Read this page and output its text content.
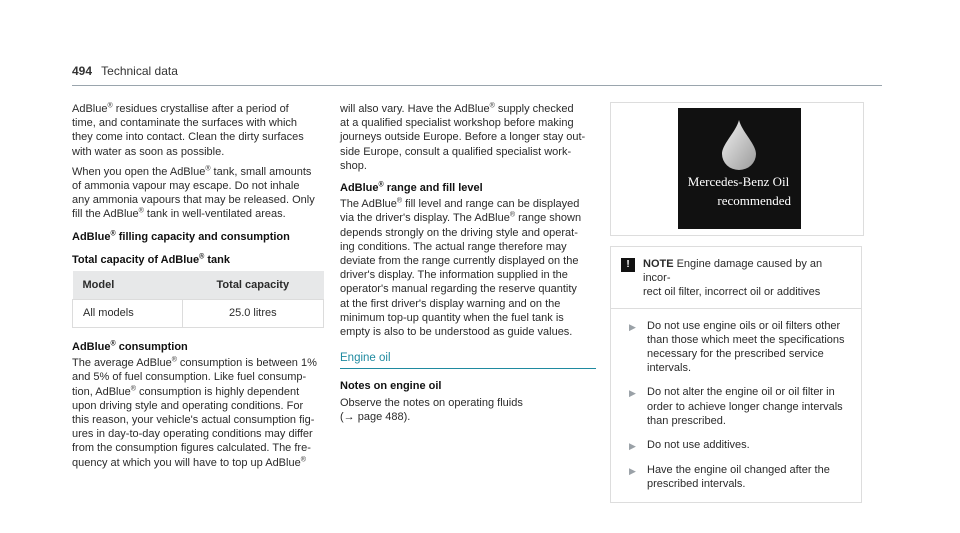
494 Technical data

AdBlue® residues crystallise after a period of
time, and contaminate the surfaces with which
they come into contact. Clean the dirty surfaces
with water as soon as possible.

When you open the AdBlue® tank, small amounts
of ammonia vapour may escape. Do not inhale
any ammonia vapours that may be released. Only
fill the AdBlue® tank in well-ventilated areas.

AdBlue® filling capacity and consumption
Total capacity of AdBlue® tank
Model	Total capacity
All models	25.0 litres
AdBlue® consumption

The average AdBlue® consumption is between 1%
and 5% of fuel consumption. Like fuel consump-
tion, AdBlue® consumption is highly dependent
upon driving style and operating conditions. For
this reason, your vehicle's actual consumption fig-
ures in day-to-day operating conditions may differ
from the consumption figures calculated. The fre-
quency at which you will have to top up AdBlue®

will also vary. Have the AdBlue® supply checked
at a qualified specialist workshop before making
journeys outside Europe. Before a longer stay out-
side Europe, consult a qualified specialist work-
shop.

AdBlue® range and fill level

The AdBlue® fill level and range can be displayed
via the driver's display. The AdBlue® range shown
depends strongly on the driving style and operat-
ing conditions. The actual range therefore may
deviate from the range currently displayed on the
driver's display. The information supplied in the
operator's manual regarding the reserve quantity
at the first driver's display warning and on the
minimum top-up quantity when the fuel tank is
empty is also to be understood as guide values.

Engine oil
Notes on engine oil

Observe the notes on operating fluids
(→ page 488).

Mercedes-Benz Oil
recommended
!	NOTE Engine damage caused by an incor-
rect oil filter, incorrect oil or additives
▶	Do not use engine oils or oil filters other
than those which meet the specifications
necessary for the prescribed service
intervals.
▶	Do not alter the engine oil or oil filter in
order to achieve longer change intervals
than prescribed.
▶	Do not use additives.
▶	Have the engine oil changed after the
prescribed intervals.
